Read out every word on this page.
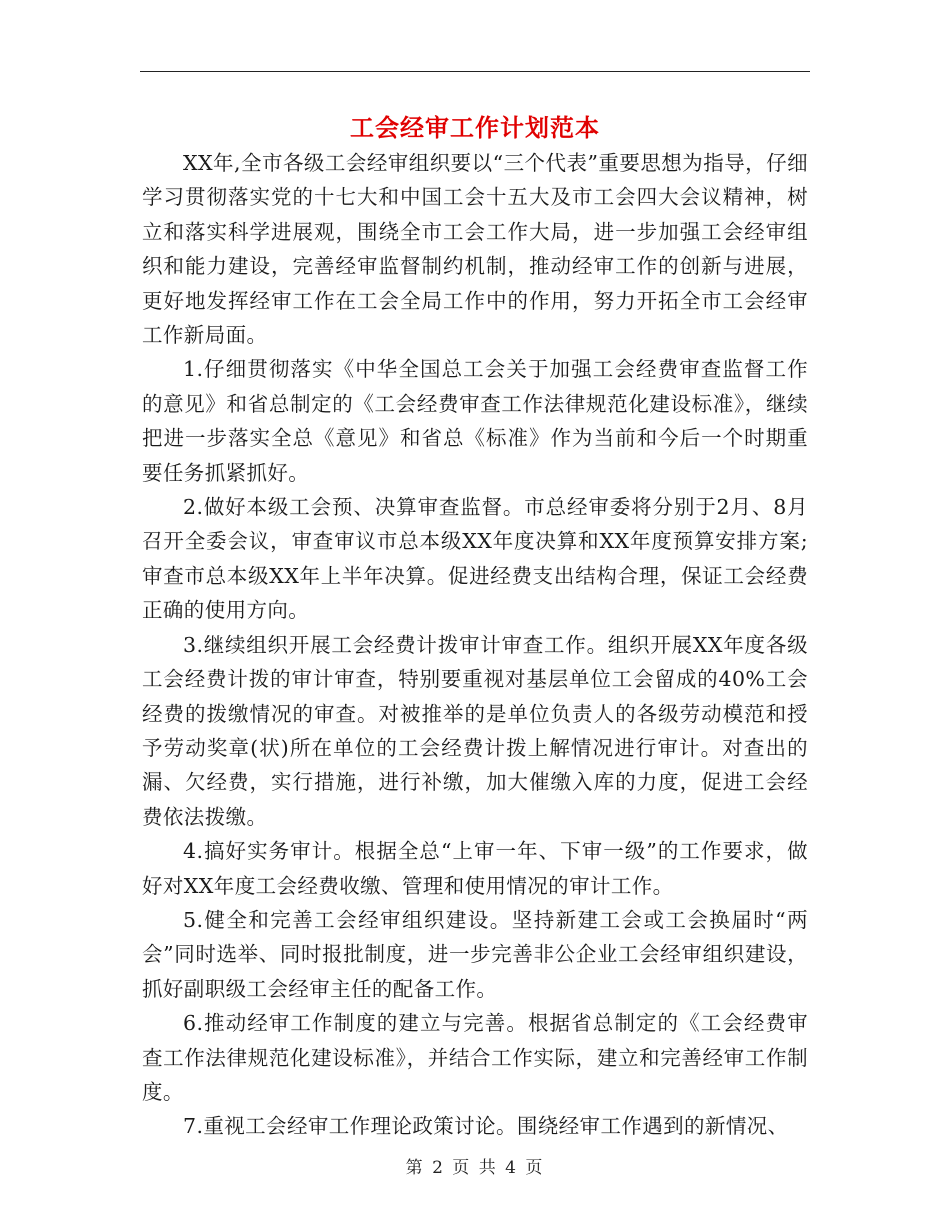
工会经审工作计划范本

XX年,全市各级工会经审组织要以“三个代表”重要思想为指导，仔细学习贯彻落实党的十七大和中国工会十五大及市工会四大会议精神，树立和落实科学进展观，围绕全市工会工作大局，进一步加强工会经审组织和能力建设，完善经审监督制约机制，推动经审工作的创新与进展，更好地发挥经审工作在工会全局工作中的作用，努力开拓全市工会经审工作新局面。

1.仔细贯彻落实《中华全国总工会关于加强工会经费审查监督工作的意见》和省总制定的《工会经费审查工作法律规范化建设标准》，继续把进一步落实全总《意见》和省总《标准》作为当前和今后一个时期重要任务抓紧抓好。

2.做好本级工会预、决算审查监督。市总经审委将分别于2月、8月召开全委会议，审查审议市总本级XX年度决算和XX年度预算安排方案;审查市总本级XX年上半年决算。促进经费支出结构合理，保证工会经费正确的使用方向。

3.继续组织开展工会经费计拨审计审查工作。组织开展XX年度各级工会经费计拨的审计审查，特别要重视对基层单位工会留成的40%工会经费的拨缴情况的审查。对被推举的是单位负责人的各级劳动模范和授予劳动奖章(状)所在单位的工会经费计拨上解情况进行审计。对查出的漏、欠经费，实行措施，进行补缴，加大催缴入库的力度，促进工会经费依法拨缴。

4.搞好实务审计。根据全总“上审一年、下审一级”的工作要求，做好对XX年度工会经费收缴、管理和使用情况的审计工作。

5.健全和完善工会经审组织建设。坚持新建工会或工会换届时“两会”同时选举、同时报批制度，进一步完善非公企业工会经审组织建设，抓好副职级工会经审主任的配备工作。

6.推动经审工作制度的建立与完善。根据省总制定的《工会经费审查工作法律规范化建设标准》，并结合工作实际，建立和完善经审工作制度。

7.重视工会经审工作理论政策讨论。围绕经审工作遇到的新情况、

第 2 页 共 4 页
